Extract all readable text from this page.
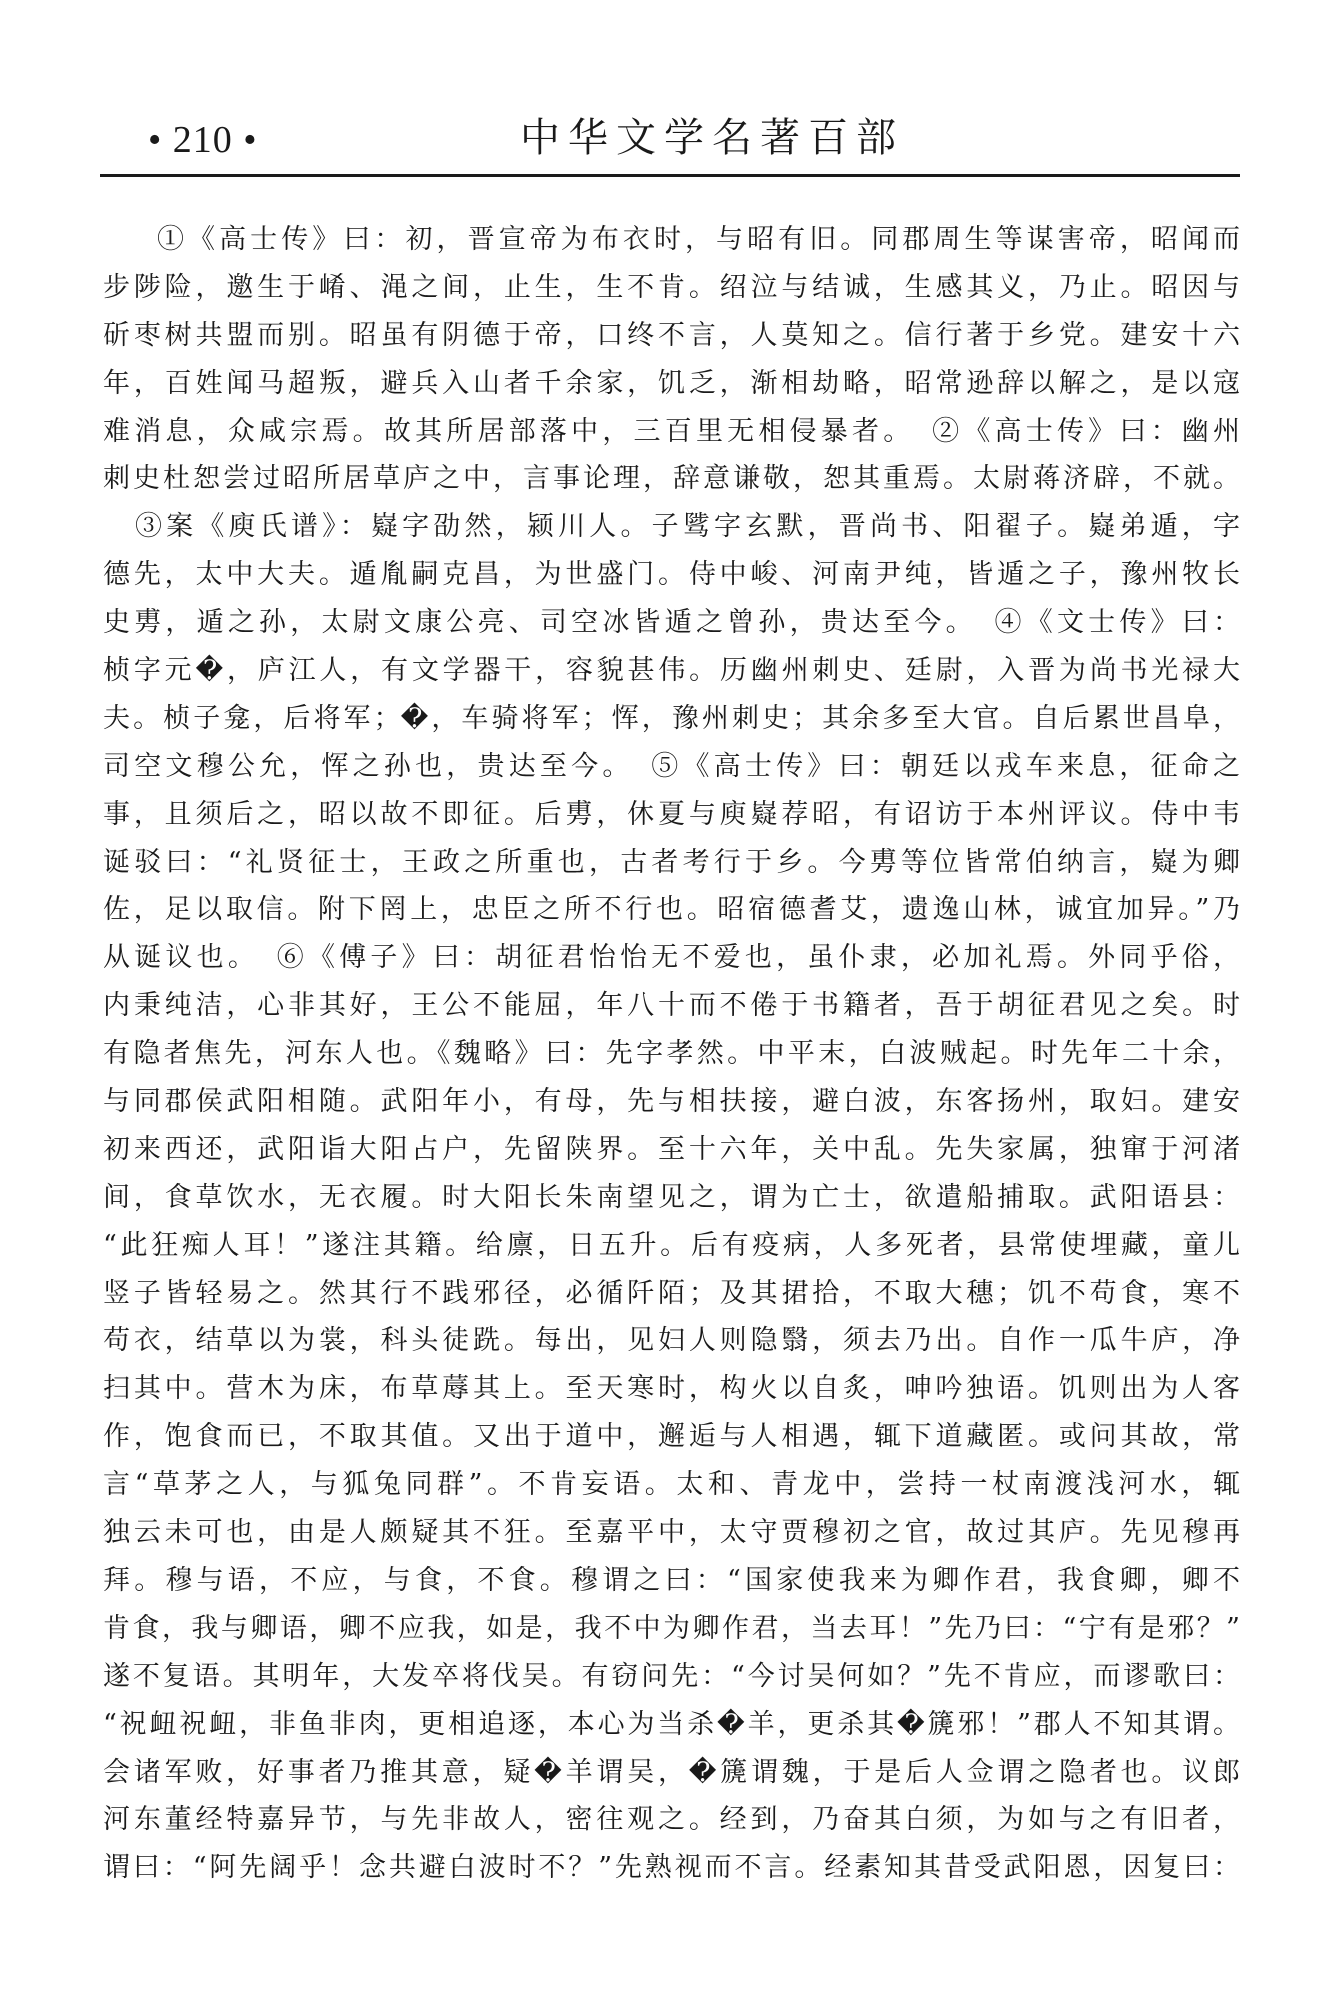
• 210 •	中华文学名著百部
①《高士传》曰：初，晋宣帝为布衣时，与昭有旧。同郡周生等谋害帝，昭闻而
步陟险，邀生于崤、渑之间，止生，生不肯。绍泣与结诚，生感其义，乃止。昭因与
斫枣树共盟而别。昭虽有阴德于帝，口终不言，人莫知之。信行著于乡党。建安十六
年，百姓闻马超叛，避兵入山者千余家，饥乏，渐相劫略，昭常逊辞以解之，是以寇
难消息，众咸宗焉。故其所居部落中，三百里无相侵暴者。　②《高士传》曰：幽州
刺史杜恕尝过昭所居草庐之中，言事论理，辞意谦敬，恕其重焉。太尉蒋济辟，不就。
③案《庾氏谱》：嶷字劭然，颍川人。子骘字玄默，晋尚书、阳翟子。嶷弟遁，字
德先，太中大夫。遁胤嗣克昌，为世盛门。侍中峻、河南尹纯，皆遁之子，豫州牧长
史旉，遁之孙，太尉文康公亮、司空冰皆遁之曾孙，贵达至今。　④《文士传》曰：
桢字元�，庐江人，有文学器干，容貌甚伟。历幽州刺史、廷尉，入晋为尚书光禄大
夫。桢子龛，后将军；�，车骑将军；恽，豫州刺史；其余多至大官。自后累世昌阜，
司空文穆公允，恽之孙也，贵达至今。　⑤《高士传》曰：朝廷以戎车来息，征命之
事，且须后之，昭以故不即征。后旉，休夏与庾嶷荐昭，有诏访于本州评议。侍中韦
诞驳曰：“礼贤征士，王政之所重也，古者考行于乡。今旉等位皆常伯纳言，嶷为卿
佐，足以取信。附下罔上，忠臣之所不行也。昭宿德耆艾，遗逸山林，诚宜加异。”乃
从诞议也。　⑥《傅子》曰：胡征君怡怡无不爱也，虽仆隶，必加礼焉。外同乎俗，
内秉纯洁，心非其好，王公不能屈，年八十而不倦于书籍者，吾于胡征君见之矣。时
有隐者焦先，河东人也。《魏略》曰：先字孝然。中平末，白波贼起。时先年二十余，
与同郡侯武阳相随。武阳年小，有母，先与相扶接，避白波，东客扬州，取妇。建安
初来西还，武阳诣大阳占户，先留陕界。至十六年，关中乱。先失家属，独窜于河渚
间，食草饮水，无衣履。时大阳长朱南望见之，谓为亡士，欲遣船捕取。武阳语县：
“此狂痴人耳！”遂注其籍。给廪，日五升。后有疫病，人多死者，县常使埋藏，童儿
竖子皆轻易之。然其行不践邪径，必循阡陌；及其捃拾，不取大穗；饥不苟食，寒不
苟衣，结草以为裳，科头徒跣。每出，见妇人则隐翳，须去乃出。自作一瓜牛庐，净
扫其中。营木为床，布草蓐其上。至天寒时，构火以自炙，呻吟独语。饥则出为人客
作，饱食而已，不取其值。又出于道中，邂逅与人相遇，辄下道藏匿。或问其故，常
言“草茅之人，与狐兔同群”。不肯妄语。太和、青龙中，尝持一杖南渡浅河水，辄
独云未可也，由是人颇疑其不狂。至嘉平中，太守贾穆初之官，故过其庐。先见穆再
拜。穆与语，不应，与食，不食。穆谓之曰：“国家使我来为卿作君，我食卿，卿不
肯食，我与卿语，卿不应我，如是，我不中为卿作君，当去耳！”先乃曰：“宁有是邪？”
遂不复语。其明年，大发卒将伐吴。有窃问先：“今讨吴何如？”先不肯应，而谬歌曰：
“祝衄祝衄，非鱼非肉，更相追逐，本心为当杀�羊，更杀其�篪邪！”郡人不知其谓。
会诸军败，好事者乃推其意，疑�羊谓吴，�篪谓魏，于是后人佥谓之隐者也。议郎
河东董经特嘉异节，与先非故人，密往观之。经到，乃奋其白须，为如与之有旧者，
谓曰：“阿先阔乎！念共避白波时不？”先熟视而不言。经素知其昔受武阳恩，因复曰：
